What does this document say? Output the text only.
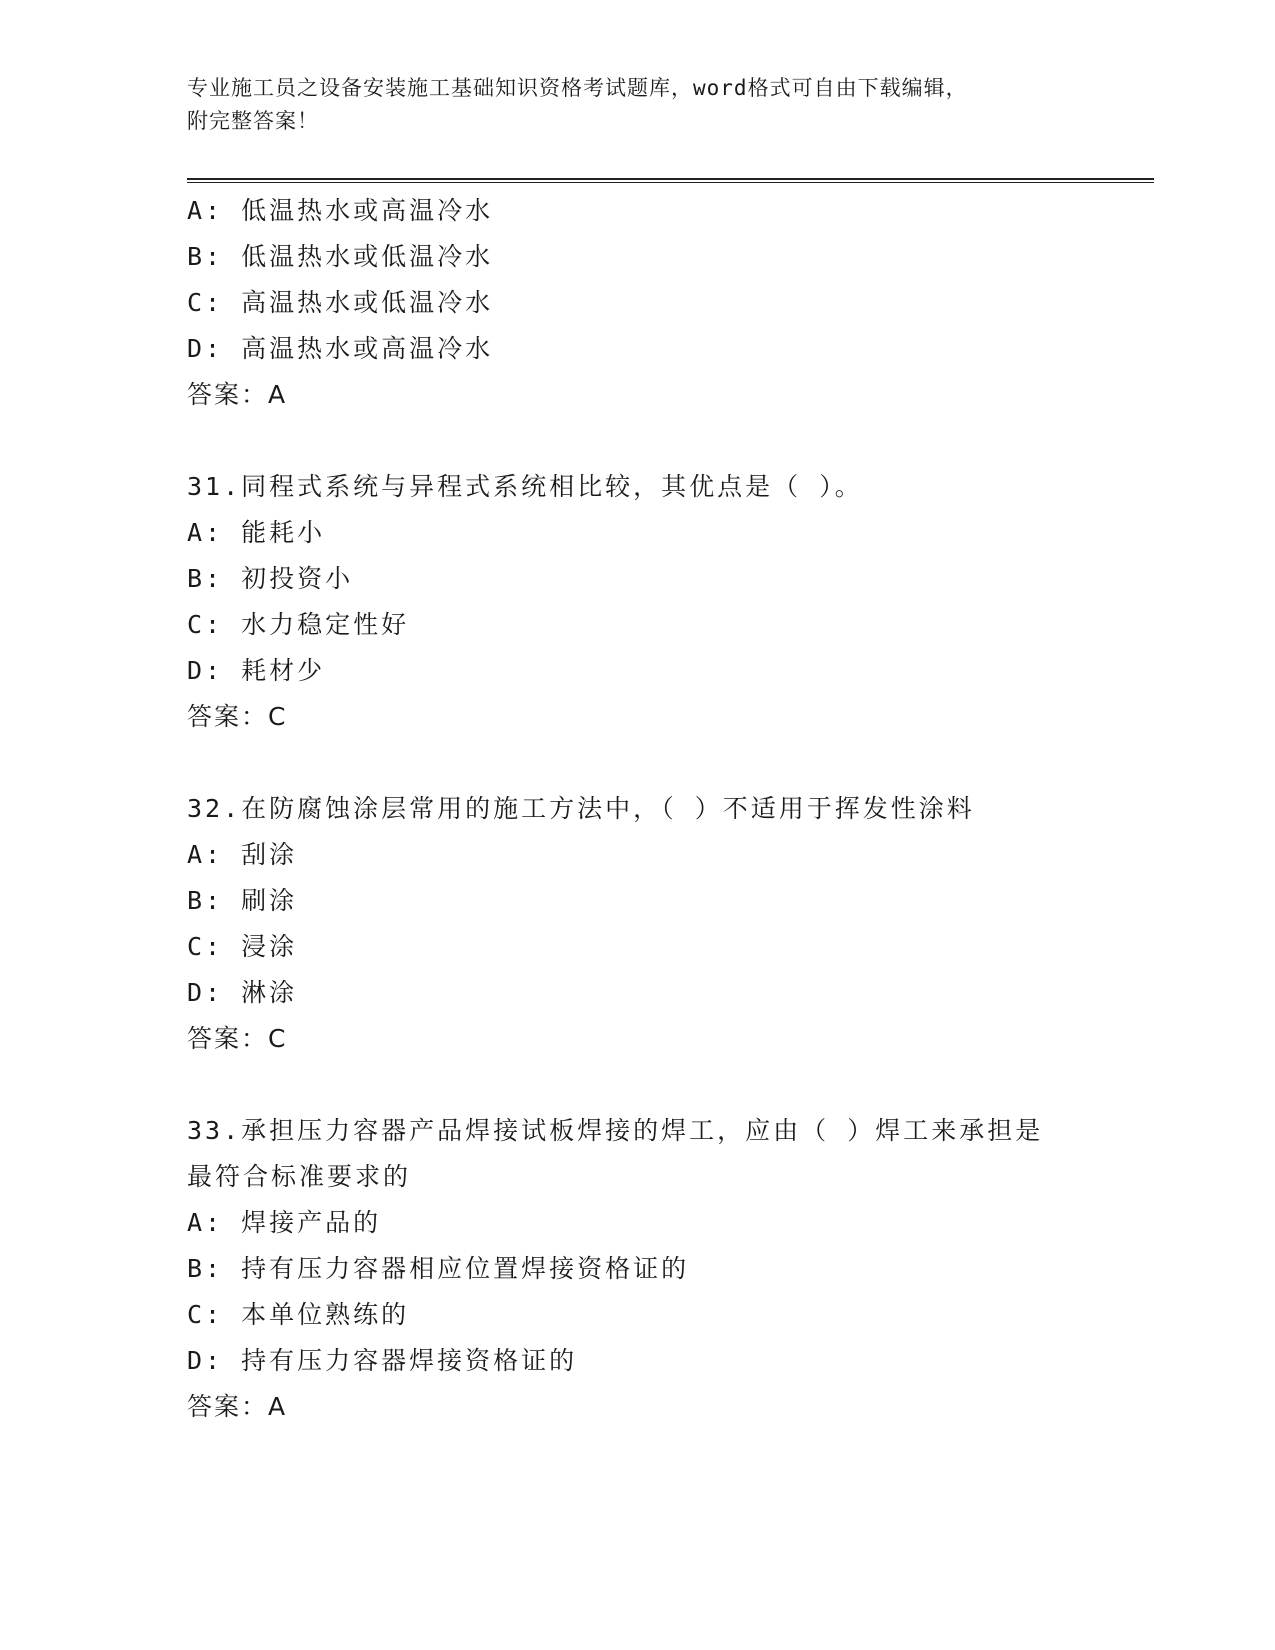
专业施工员之设备安装施工基础知识资格考试题库，word格式可自由下载编辑，
附完整答案！
A: 低温热水或高温冷水
B: 低温热水或低温冷水
C: 高温热水或低温冷水
D: 高温热水或高温冷水
答案：A
31.同程式系统与异程式系统相比较，其优点是（ ）。
A: 能耗小
B: 初投资小
C: 水力稳定性好
D: 耗材少
答案：C
32.在防腐蚀涂层常用的施工方法中，（ ）不适用于挥发性涂料
A: 刮涂
B: 刷涂
C: 浸涂
D: 淋涂
答案：C
33.承担压力容器产品焊接试板焊接的焊工，应由（ ）焊工来承担是
最符合标准要求的
A: 焊接产品的
B: 持有压力容器相应位置焊接资格证的
C: 本单位熟练的
D: 持有压力容器焊接资格证的
答案：A
